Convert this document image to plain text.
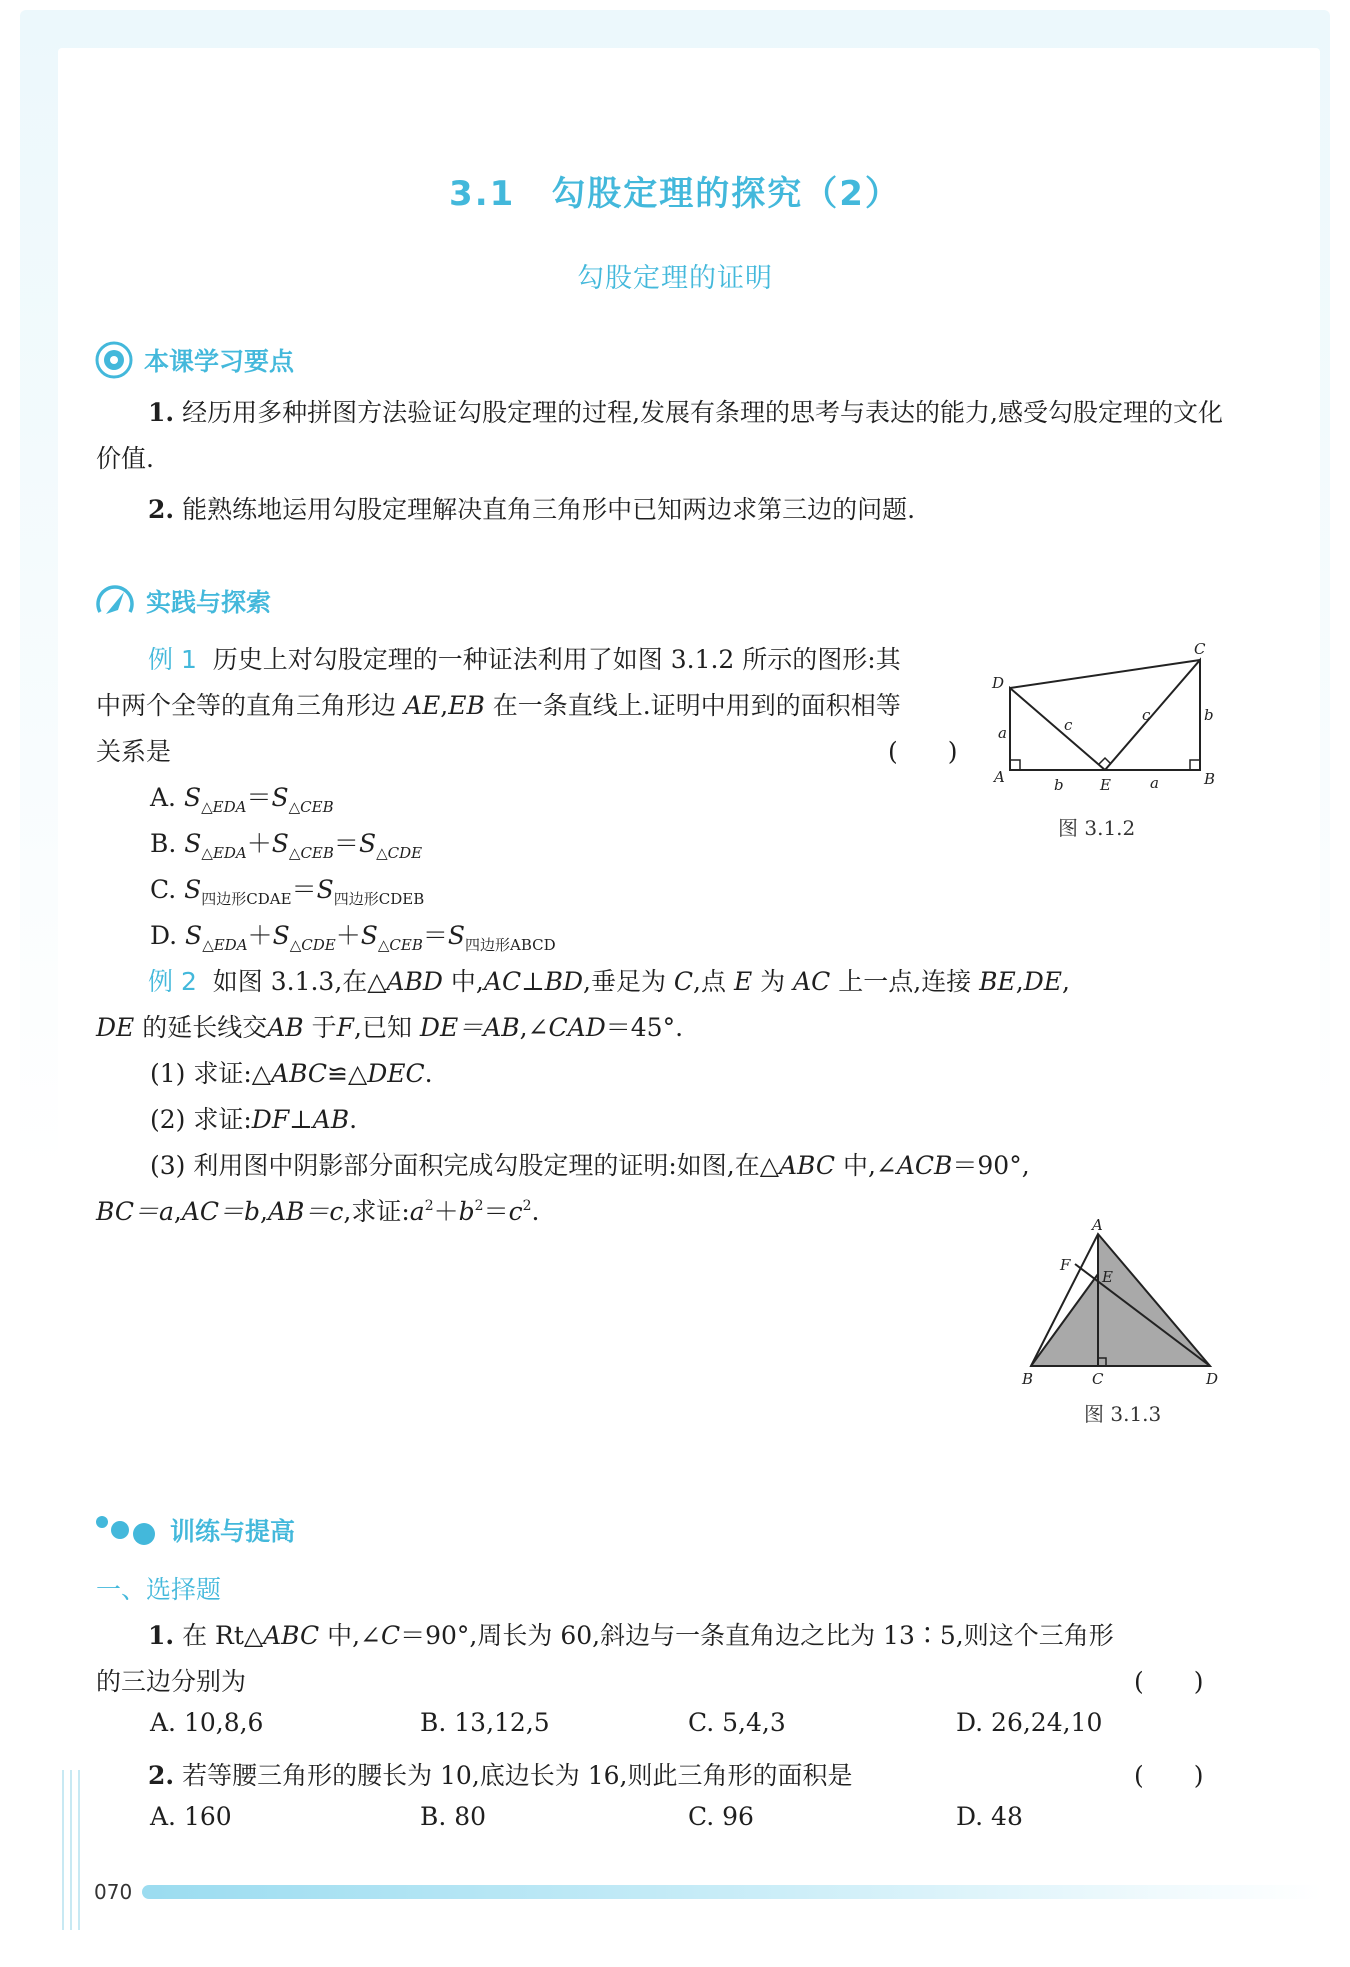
3.1　勾股定理的探究（2）
勾股定理的证明
本课学习要点
1. 经历用多种拼图方法验证勾股定理的过程,发展有条理的思考与表达的能力,感受勾股定理的文化价值.
2. 能熟练地运用勾股定理解决直角三角形中已知两边求第三边的问题.
实践与探索
例 1 历史上对勾股定理的一种证法利用了如图 3.1.2 所示的图形:其
中两个全等的直角三角形边 AE,EB 在一条直线上.证明中用到的面积相等
关系是	(　　)
A. $S_{\triangle EDA}=S_{\triangle CEB}$
B. $S_{\triangle EDA}+S_{\triangle CEB}=S_{\triangle CDE}$
C. $S_{四边形CDAE}=S_{四边形CDEB}$
D. $S_{\triangle EDA}+S_{\triangle CDE}+S_{\triangle CEB}=S_{四边形ABCD}$
D
A	E	B
C
a
b
c
c	b
a
图 3.1.2
例 2 如图 3.1.3,在△ABD 中,AC⊥BD,垂足为 C,点 E 为 AC 上一点,连接 BE,DE,
DE 的延长线交AB 于F,已知 DE＝AB,∠CAD＝45°.
(1) 求证:△ABC≌△DEC.
(2) 求证:DF⊥AB.
(3) 利用图中阴影部分面积完成勾股定理的证明:如图,在△ABC 中,∠ACB＝90°,
BC＝a,AC＝b,AB＝c,求证$:a^2+b^2=c^2$.	A
F
E
B	C	D
图 3.1.3
训练与提高
一、选择题
1. 在 Rt△ABC 中,∠C＝90°,周长为 60,斜边与一条直角边之比为 13∶5,则这个三角形
的三边分别为	(　　)
A. 10,8,6	B. 13,12,5	C. 5,4,3	D. 26,24,10
2. 若等腰三角形的腰长为 10,底边长为 16,则此三角形的面积是	(　　)
A. 160	B. 80	C. 96	D. 48
070
